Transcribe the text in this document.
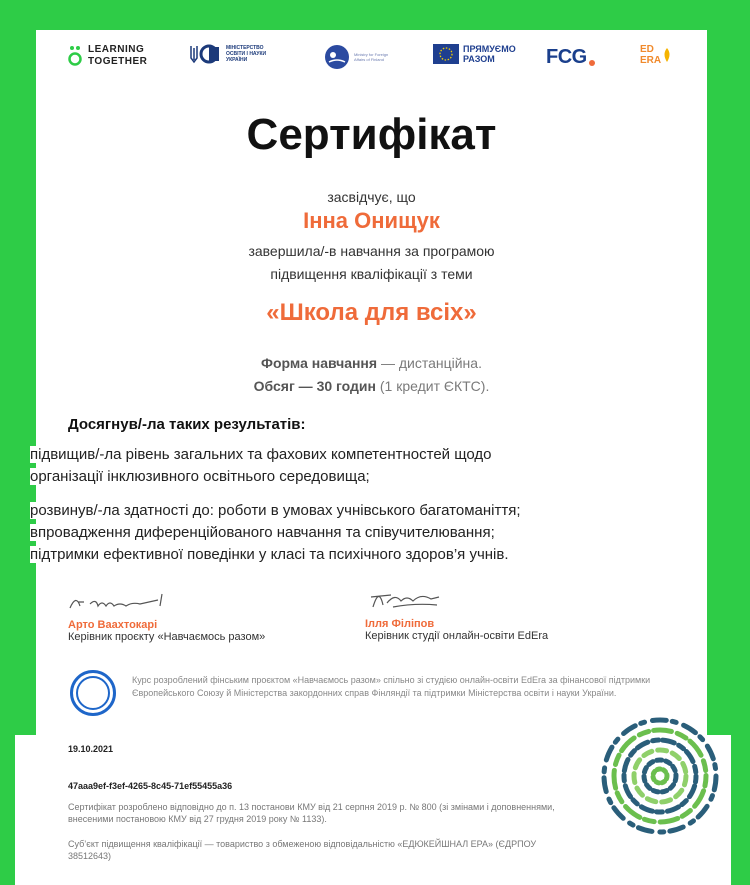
LEARNING
TOGETHER
МІНІСТЕРСТВО
ОСВІТИ І НАУКИ
УКРАЇНИ
Ministry for Foreign
Affairs of Finland
ПРЯМУЄМО
РАЗОМ	FCG	ED
ERA
Сертифікат
засвідчує, що
Інна Онищук
завершила/-в навчання за програмою
підвищення кваліфікації з теми
«Школа для всіх»
Форма навчання — дистанційна.
Обсяг — 30 годин (1 кредит ЄКТС).
Досягнув/-ла таких результатів:
підвищив/-ла рівень загальних та фахових компетентностей щодо
організації інклюзивного освітнього середовища;
розвинув/-ла здатності до: роботи в умовах учнівського багатоманіття;
впровадження диференційованого навчання та співучителювання;
підтримки ефективної поведінки у класі та психічного здоров’я учнів.
Арто Ваахтокарі
Керівник проєкту «Навчаємось разом»
Ілля Філіпов
Керівник студії онлайн-освіти EdEra
Курс розроблений фінським проєктом «Навчаємось разом» спільно зі студією онлайн-освіти EdEra за фінансової підтримки Європейського Союзу й Міністерства закордонних справ Фінляндії та підтримки Міністерства освіти і науки України.
19.10.2021
47aaa9ef-f3ef-4265-8c45-71ef55455a36
Сертифікат розроблено відповідно до п. 13 постанови КМУ від 21 серпня 2019 р. № 800 (зі змінами і доповненнями, внесеними постановою КМУ від 27 грудня 2019 року № 1133).
Суб’єкт підвищення кваліфікації — товариство з обмеженою відповідальністю «ЕДЮКЕЙШНАЛ ЕРА» (ЄДРПОУ 38512643)
